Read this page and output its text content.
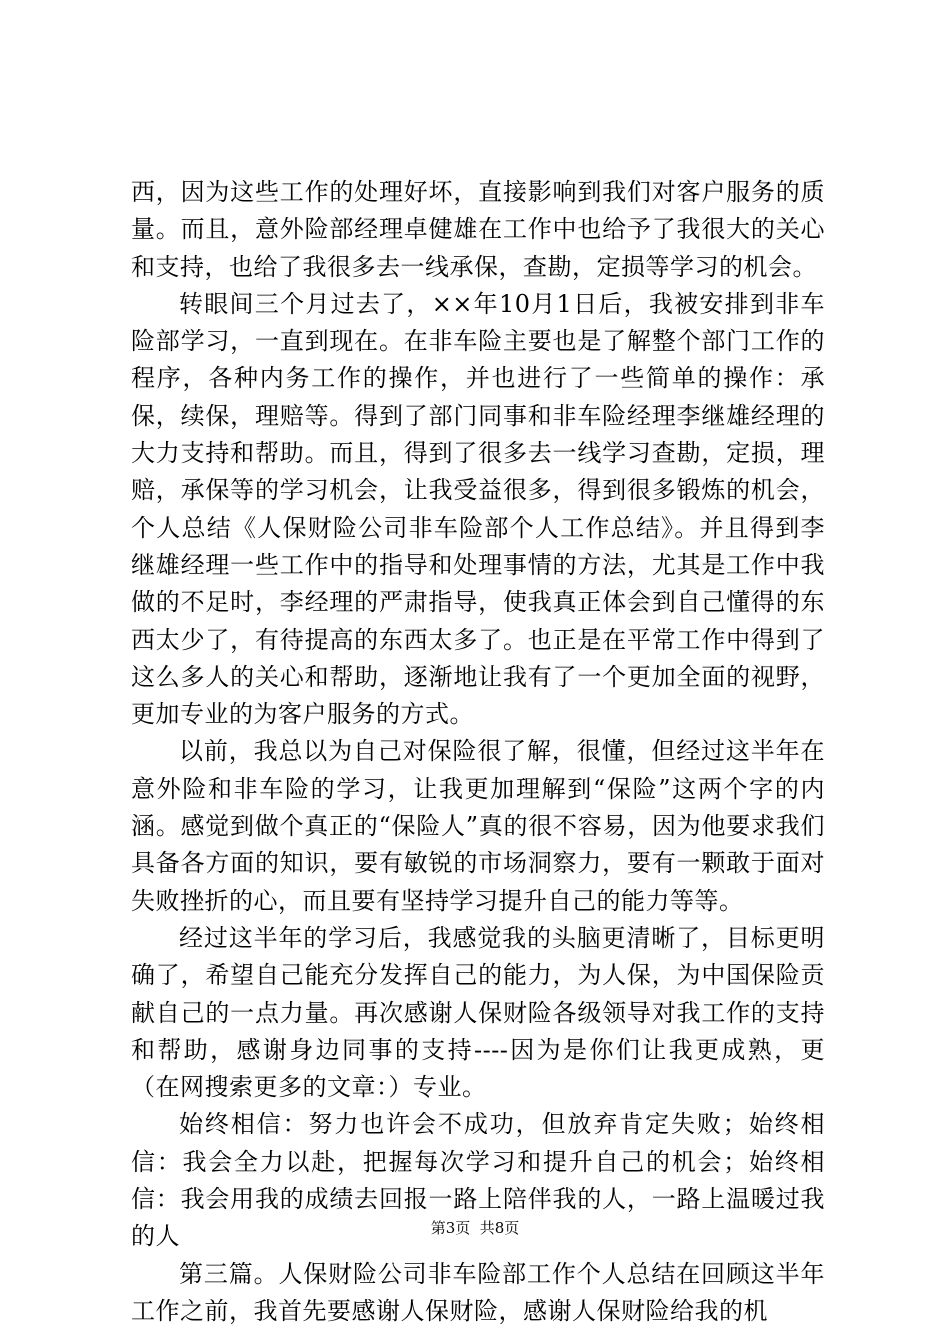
西，因为这些工作的处理好坏，直接影响到我们对客户服务的质量。而且，意外险部经理卓健雄在工作中也给予了我很大的关心和支持，也给了我很多去一线承保，查勘，定损等学习的机会。

转眼间三个月过去了，××年10月1日后，我被安排到非车险部学习，一直到现在。在非车险主要也是了解整个部门工作的程序，各种内务工作的操作，并也进行了一些简单的操作：承保，续保，理赔等。得到了部门同事和非车险经理李继雄经理的大力支持和帮助。而且，得到了很多去一线学习查勘，定损，理赔，承保等的学习机会，让我受益很多，得到很多锻炼的机会，个人总结《人保财险公司非车险部个人工作总结》。并且得到李继雄经理一些工作中的指导和处理事情的方法，尤其是工作中我做的不足时，李经理的严肃指导，使我真正体会到自己懂得的东西太少了，有待提高的东西太多了。也正是在平常工作中得到了这么多人的关心和帮助，逐渐地让我有了一个更加全面的视野，更加专业的为客户服务的方式。

以前，我总以为自己对保险很了解，很懂，但经过这半年在意外险和非车险的学习，让我更加理解到“保险”这两个字的内涵。感觉到做个真正的“保险人”真的很不容易，因为他要求我们具备各方面的知识，要有敏锐的市场洞察力，要有一颗敢于面对失败挫折的心，而且要有坚持学习提升自己的能力等等。

经过这半年的学习后，我感觉我的头脑更清晰了，目标更明确了，希望自己能充分发挥自己的能力，为人保，为中国保险贡献自己的一点力量。再次感谢人保财险各级领导对我工作的支持和帮助，感谢身边同事的支持----因为是你们让我更成熟，更（在网搜索更多的文章：）专业。

始终相信：努力也许会不成功，但放弃肯定失败；始终相信：我会全力以赴，把握每次学习和提升自己的机会；始终相信：我会用我的成绩去回报一路上陪伴我的人，一路上温暖过我的人

第三篇。人保财险公司非车险部工作个人总结在回顾这半年工作之前，我首先要感谢人保财险，感谢人保财险给我的机

第3页  共8页
